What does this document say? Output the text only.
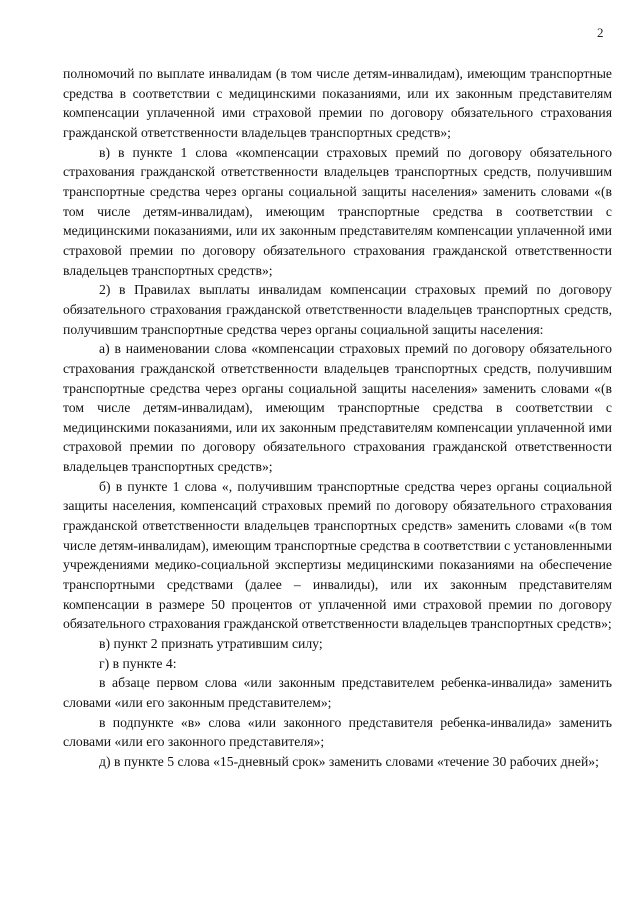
2

полномочий по выплате инвалидам (в том числе детям-инвалидам), имеющим транспортные средства в соответствии с медицинскими показаниями, или их законным представителям компенсации уплаченной ими страховой премии по договору обязательного страхования гражданской ответственности владельцев транспортных средств»;

в) в пункте 1 слова «компенсации страховых премий по договору обязательного страхования гражданской ответственности владельцев транспортных средств, получившим транспортные средства через органы социальной защиты населения» заменить словами «(в том числе детям-инвалидам), имеющим транспортные средства в соответствии с медицинскими показаниями, или их законным представителям компенсации уплаченной ими страховой премии по договору обязательного страхования гражданской ответственности владельцев транспортных средств»;

2) в Правилах выплаты инвалидам компенсации страховых премий по договору обязательного страхования гражданской ответственности владельцев транспортных средств, получившим транспортные средства через органы социальной защиты населения:

а) в наименовании слова «компенсации страховых премий по договору обязательного страхования гражданской ответственности владельцев транспортных средств, получившим транспортные средства через органы социальной защиты населения» заменить словами «(в том числе детям-инвалидам), имеющим транспортные средства в соответствии с медицинскими показаниями, или их законным представителям компенсации уплаченной ими страховой премии по договору обязательного страхования гражданской ответственности владельцев транспортных средств»;

б) в пункте 1 слова «, получившим транспортные средства через органы социальной защиты населения, компенсаций страховых премий по договору обязательного страхования гражданской ответственности владельцев транспортных средств» заменить словами «(в том числе детям-инвалидам), имеющим транспортные средства в соответствии с установленными учреждениями медико-социальной экспертизы медицинскими показаниями на обеспечение транспортными средствами (далее – инвалиды), или их законным представителям компенсации в размере 50 процентов от уплаченной ими страховой премии по договору обязательного страхования гражданской ответственности владельцев транспортных средств»;

в) пункт 2 признать утратившим силу;

г) в пункте 4:

в абзаце первом слова «или законным представителем ребенка-инвалида» заменить словами «или его законным представителем»;

в подпункте «в» слова «или законного представителя ребенка-инвалида» заменить словами «или его законного представителя»;

д) в пункте 5 слова «15-дневный срок» заменить словами «течение 30 рабочих дней»;
